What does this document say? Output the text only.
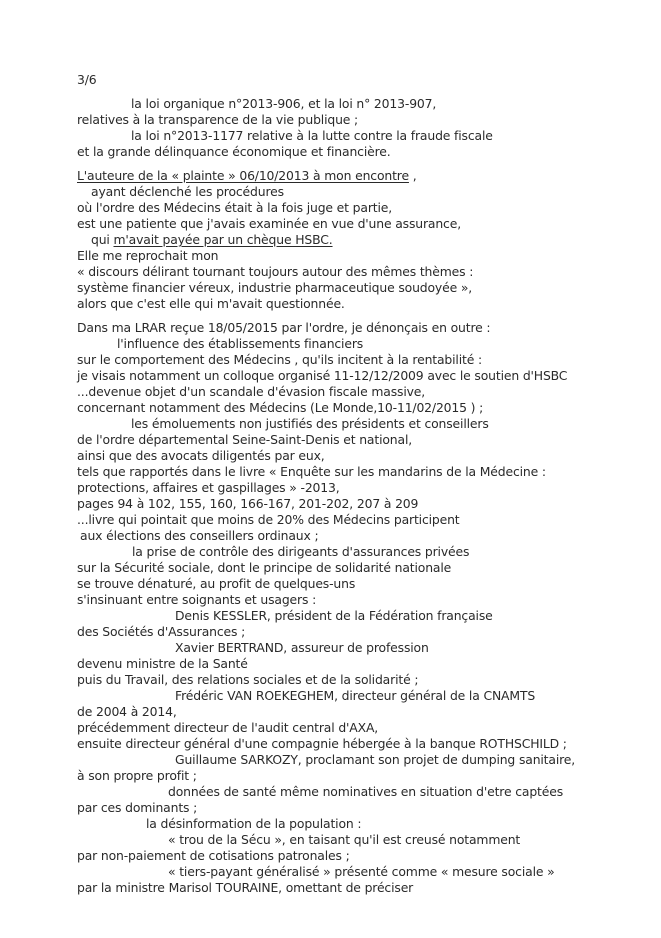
3/6
la loi organique n°2013-906, et la loi n° 2013-907,
relatives à la transparence de la vie publique ;
la loi n°2013-1177 relative à la lutte contre la fraude fiscale
et la grande délinquance économique et financière.
L'auteure de la « plainte » 06/10/2013 à mon encontre ,
ayant déclenché les procédures
où l'ordre des Médecins était à la fois juge et partie,
est une patiente que j'avais examinée en vue d'une assurance,
qui m'avait payée par un chèque HSBC.
Elle me reprochait mon
« discours délirant tournant toujours autour des mêmes thèmes :
système financier véreux, industrie pharmaceutique soudoyée »,
alors que c'est elle qui m'avait questionnée.
Dans ma LRAR reçue 18/05/2015 par l'ordre, je dénonçais en outre :
l'influence des établissements financiers
sur le comportement des Médecins , qu'ils incitent à la rentabilité :
je visais notamment un colloque organisé 11-12/12/2009 avec le soutien d'HSBC
...devenue objet d'un scandale d'évasion fiscale massive,
concernant notamment des Médecins (Le Monde,10-11/02/2015 ) ;
les émoluements non justifiés des présidents et conseillers
de l'ordre départemental Seine-Saint-Denis et national,
ainsi que des avocats diligentés par eux,
tels que rapportés dans le livre « Enquête sur les mandarins de la Médecine :
protections, affaires et gaspillages » -2013,
pages 94 à 102, 155, 160, 166-167, 201-202, 207 à 209
...livre qui pointait que moins de 20% des Médecins participent
aux élections des conseillers ordinaux ;
la prise de contrôle des dirigeants d'assurances privées
sur la Sécurité sociale, dont le principe de solidarité nationale
se trouve dénaturé, au profit de quelques-uns
s'insinuant entre soignants et usagers :
Denis KESSLER, président de la Fédération française
des Sociétés d'Assurances ;
Xavier BERTRAND, assureur de profession
devenu ministre de la Santé
puis du Travail, des relations sociales et de la solidarité ;
Frédéric VAN ROEKEGHEM, directeur général de la CNAMTS
de 2004 à 2014,
précédemment directeur de l'audit central d'AXA,
ensuite directeur général d'une compagnie hébergée à la banque ROTHSCHILD ;
Guillaume SARKOZY, proclamant son projet de dumping sanitaire,
à son propre profit ;
données de santé même nominatives en situation d'etre captées
par ces dominants ;
la désinformation de la population :
« trou de la Sécu », en taisant qu'il est creusé notamment
par non-paiement de cotisations patronales ;
« tiers-payant généralisé » présenté comme « mesure sociale »
par la ministre Marisol TOURAINE, omettant de préciser
